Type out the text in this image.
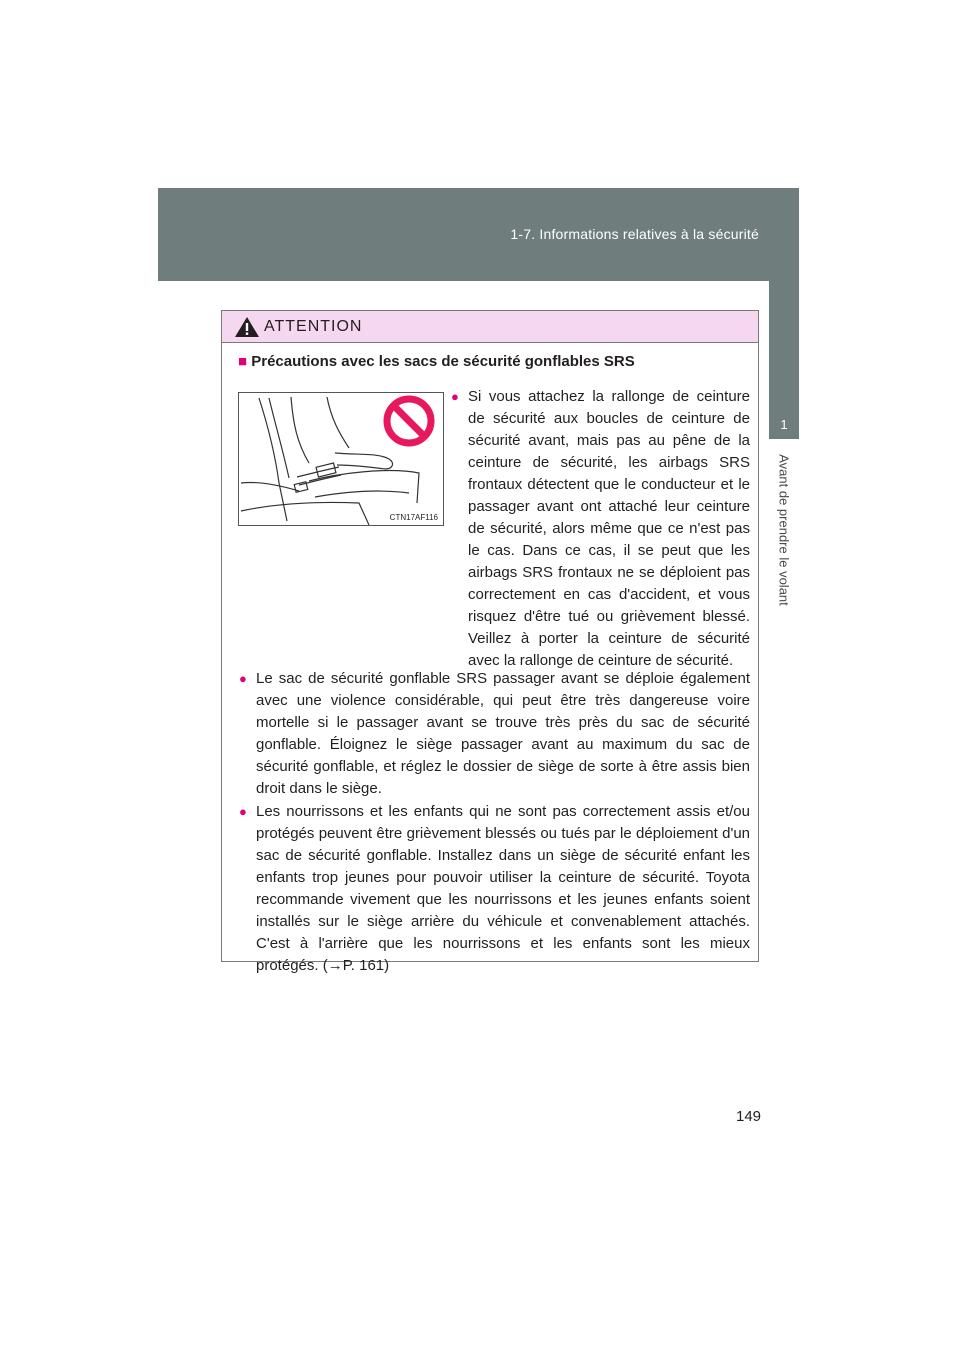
1-7. Informations relatives à la sécurité
1
Avant de prendre le volant
ATTENTION
■ Précautions avec les sacs de sécurité gonflables SRS
CTN17AF116
● Si vous attachez la rallonge de ceinture de sécurité aux boucles de ceinture de sécurité avant, mais pas au pêne de la ceinture de sécurité, les airbags SRS frontaux détectent que le conducteur et le passager avant ont attaché leur ceinture de sécurité, alors même que ce n'est pas le cas. Dans ce cas, il se peut que les airbags SRS frontaux ne se déploient pas correctement en cas d'accident, et vous risquez d'être tué ou grièvement blessé. Veillez à porter la ceinture de sécurité avec la rallonge de ceinture de sécurité.
● Le sac de sécurité gonflable SRS passager avant se déploie également avec une violence considérable, qui peut être très dangereuse voire mortelle si le passager avant se trouve très près du sac de sécurité gonflable. Éloignez le siège passager avant au maximum du sac de sécurité gonflable, et réglez le dossier de siège de sorte à être assis bien droit dans le siège.
● Les nourrissons et les enfants qui ne sont pas correctement assis et/ou protégés peuvent être grièvement blessés ou tués par le déploiement d'un sac de sécurité gonflable. Installez dans un siège de sécurité enfant les enfants trop jeunes pour pouvoir utiliser la ceinture de sécurité. Toyota recommande vivement que les nourrissons et les jeunes enfants soient installés sur le siège arrière du véhicule et convenablement attachés. C'est à l'arrière que les nourrissons et les enfants sont les mieux protégés. (→P. 161)
149
